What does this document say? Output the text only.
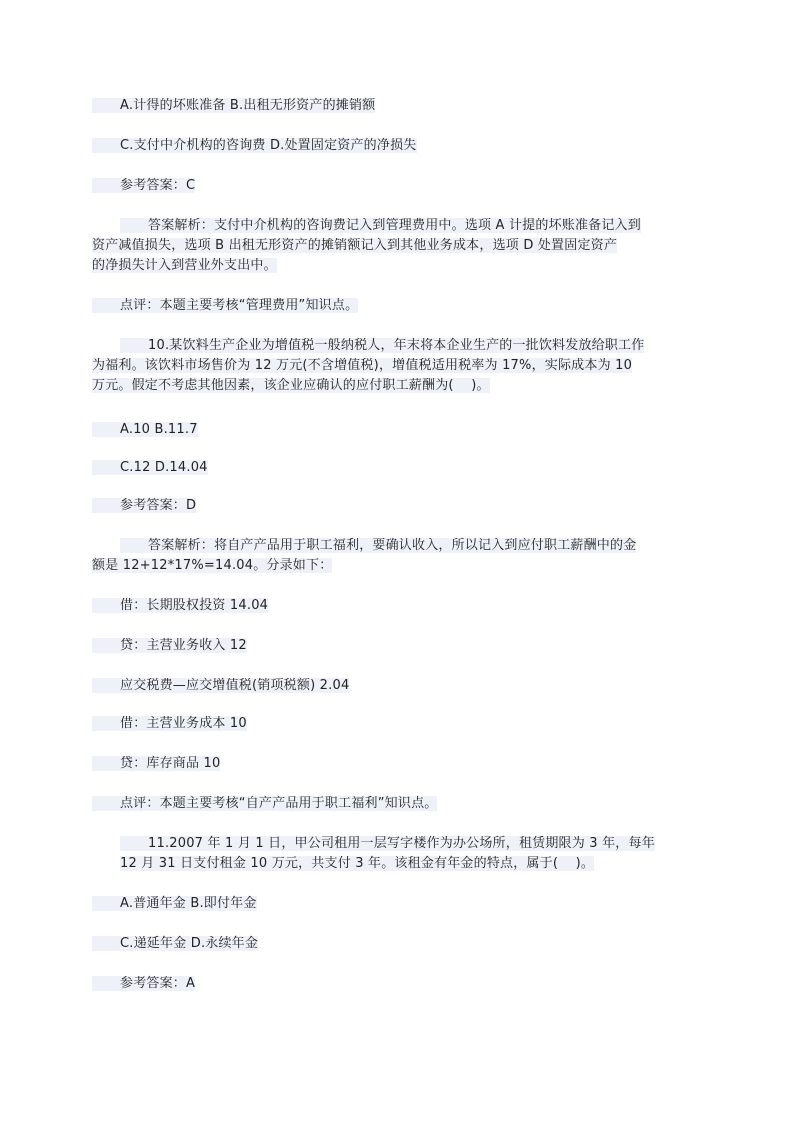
A.计得的坏账准备 B.出租无形资产的摊销额
C.支付中介机构的咨询费 D.处置固定资产的净损失
参考答案：C
答案解析：支付中介机构的咨询费记入到管理费用中。选项 A 计提的坏账准备记入到
资产减值损失，选项 B 出租无形资产的摊销额记入到其他业务成本，选项 D 处置固定资产
的净损失计入到营业外支出中。
点评：本题主要考核“管理费用”知识点。
10.某饮料生产企业为增值税一般纳税人，年末将本企业生产的一批饮料发放给职工作
为福利。该饮料市场售价为 12 万元(不含增值税)，增值税适用税率为 17%，实际成本为 10
万元。假定不考虑其他因素，该企业应确认的应付职工薪酬为(　 )。
A.10 B.11.7
C.12 D.14.04
参考答案：D
答案解析：将自产产品用于职工福利，要确认收入，所以记入到应付职工薪酬中的金
额是 12+12*17%=14.04。分录如下：
借：长期股权投资 14.04
贷：主营业务收入 12
应交税费—应交增值税(销项税额) 2.04
借：主营业务成本 10
贷：库存商品 10
点评：本题主要考核“自产产品用于职工福利”知识点。
11.2007 年 1 月 1 日，甲公司租用一层写字楼作为办公场所，租赁期限为 3 年，每年
12 月 31 日支付租金 10 万元，共支付 3 年。该租金有年金的特点，属于(　 )。
A.普通年金 B.即付年金
C.递延年金 D.永续年金
参考答案：A
